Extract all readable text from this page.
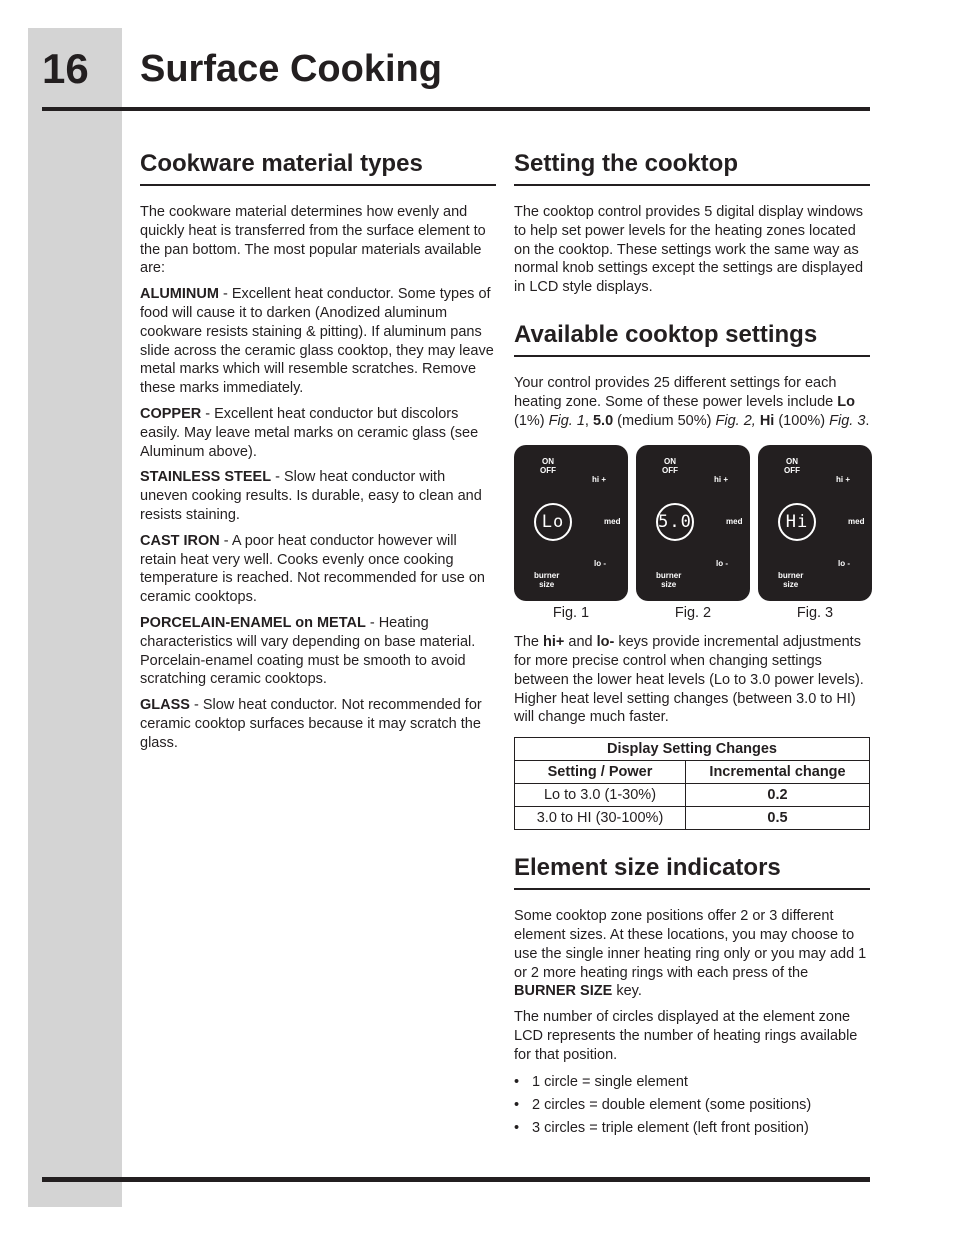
16 Surface Cooking
Cookware material types

The cookware material determines how evenly and quickly heat is transferred from the surface element to the pan bottom. The most popular materials available are:

ALUMINUM - Excellent heat conductor. Some types of food will cause it to darken (Anodized aluminum cookware resists staining & pitting). If aluminum pans slide across the ceramic glass cooktop, they may leave metal marks which will resemble scratches. Remove these marks immediately.

COPPER - Excellent heat conductor but discolors easily. May leave metal marks on ceramic glass (see Aluminum above).

STAINLESS STEEL - Slow heat conductor with uneven cooking results. Is durable, easy to clean and resists staining.

CAST IRON - A poor heat conductor however will retain heat very well. Cooks evenly once cooking temperature is reached. Not recommended for use on ceramic cooktops.

PORCELAIN-ENAMEL on METAL - Heating characteristics will vary depending on base material. Porcelain-enamel coating must be smooth to avoid scratching ceramic cooktops.

GLASS - Slow heat conductor. Not recommended for ceramic cooktop surfaces because it may scratch the glass.

Setting the cooktop

The cooktop control provides 5 digital display windows to help set power levels for the heating zones located on the cooktop. These settings work the same way as normal knob settings except the settings are displayed in LCD style displays.

Available cooktop settings

Your control provides 25 different settings for each heating zone. Some of these power levels include Lo (1%) Fig. 1, 5.0 (medium 50%) Fig. 2, Hi (100%) Fig. 3.

ON
OFF
hi +
Lo	med
lo -
burner
size
Fig. 1
ON
OFF
hi +
5.0	med
lo -
burner
size
Fig. 2
ON
OFF
hi +
Hi	med
lo -
burner
size
Fig. 3

The hi+ and lo- keys provide incremental adjustments for more precise control when changing settings between the lower heat levels (Lo to 3.0 power levels). Higher heat level setting changes (between 3.0 to HI) will change much faster.

Display Setting Changes	
Setting / Power	Incremental change
Lo to 3.0 (1-30%)	0.2
3.0 to HI (30-100%)	0.5
Element size indicators

Some cooktop zone positions offer 2 or 3 different element sizes. At these locations, you may choose to use the single inner heating ring only or you may add 1 or 2 more heating rings with each press of the BURNER SIZE key.

The number of circles displayed at the element zone LCD represents the number of heating rings available for that position.

• 1 circle = single element
• 2 circles = double element (some positions)
• 3 circles = triple element (left front position)
